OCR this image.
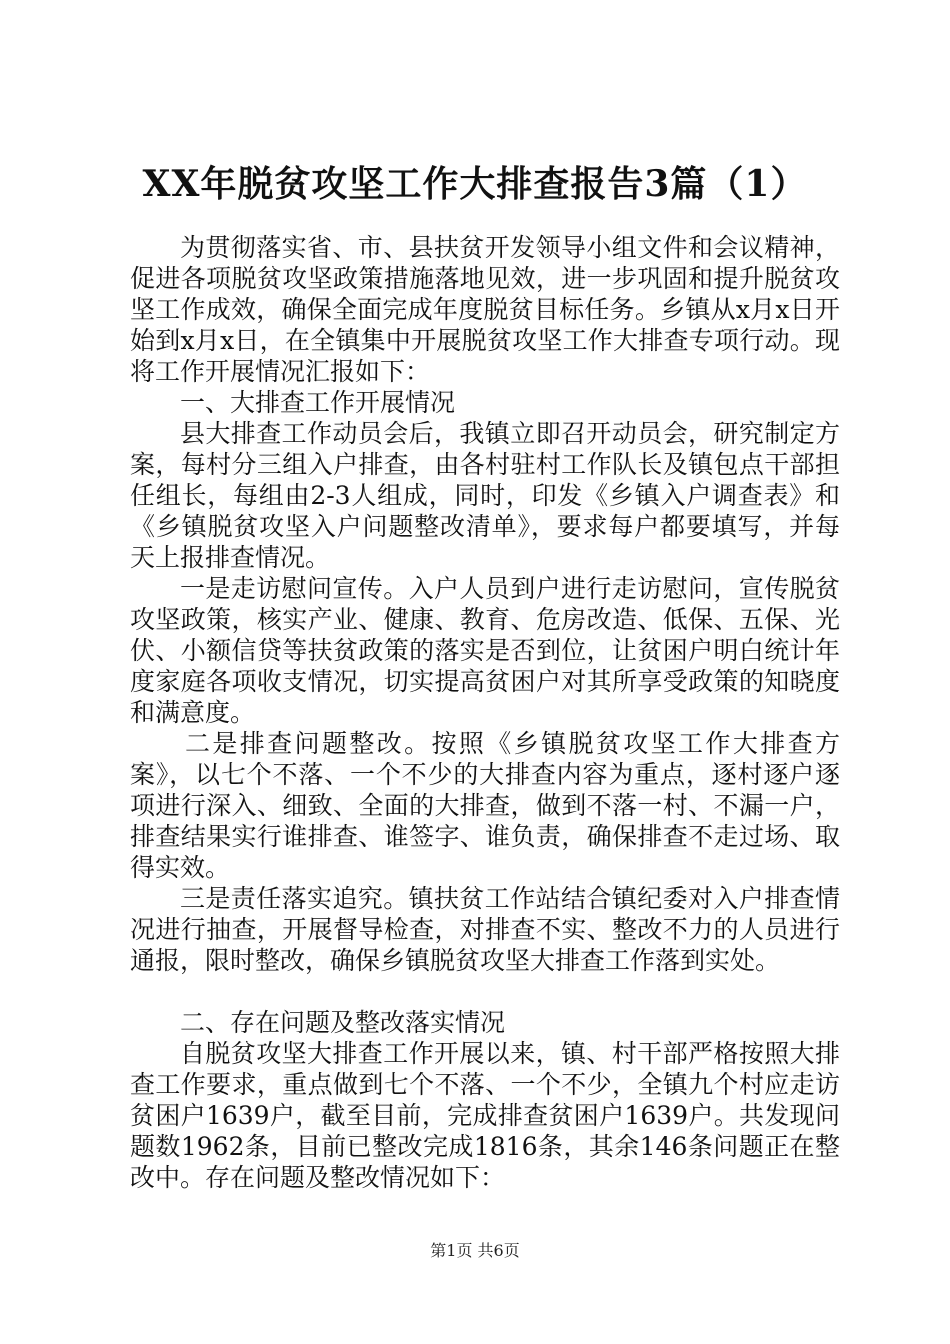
XX年脱贫攻坚工作大排查报告3篇（1）

为贯彻落实省、市、县扶贫开发领导小组文件和会议精神，促进各项脱贫攻坚政策措施落地见效，进一步巩固和提升脱贫攻坚工作成效，确保全面完成年度脱贫目标任务。乡镇从x月x日开始到x月x日，在全镇集中开展脱贫攻坚工作大排查专项行动。现将工作开展情况汇报如下：

一、大排查工作开展情况

县大排查工作动员会后，我镇立即召开动员会，研究制定方案，每村分三组入户排查，由各村驻村工作队长及镇包点干部担任组长，每组由2-3人组成，同时，印发《乡镇入户调查表》和《乡镇脱贫攻坚入户问题整改清单》，要求每户都要填写，并每天上报排查情况。

一是走访慰问宣传。入户人员到户进行走访慰问，宣传脱贫攻坚政策，核实产业、健康、教育、危房改造、低保、五保、光伏、小额信贷等扶贫政策的落实是否到位，让贫困户明白统计年度家庭各项收支情况，切实提高贫困户对其所享受政策的知晓度和满意度。

二是排查问题整改。按照《乡镇脱贫攻坚工作大排查方案》，以七个不落、一个不少的大排查内容为重点，逐村逐户逐项进行深入、细致、全面的大排查，做到不落一村、不漏一户，排查结果实行谁排查、谁签字、谁负责，确保排查不走过场、取得实效。

三是责任落实追究。镇扶贫工作站结合镇纪委对入户排查情况进行抽查，开展督导检查，对排查不实、整改不力的人员进行通报，限时整改，确保乡镇脱贫攻坚大排查工作落到实处。

二、存在问题及整改落实情况

自脱贫攻坚大排查工作开展以来，镇、村干部严格按照大排查工作要求，重点做到七个不落、一个不少，全镇九个村应走访贫困户1639户，截至目前，完成排查贫困户1639户。共发现问题数1962条，目前已整改完成1816条，其余146条问题正在整改中。存在问题及整改情况如下：

第1页 共6页
